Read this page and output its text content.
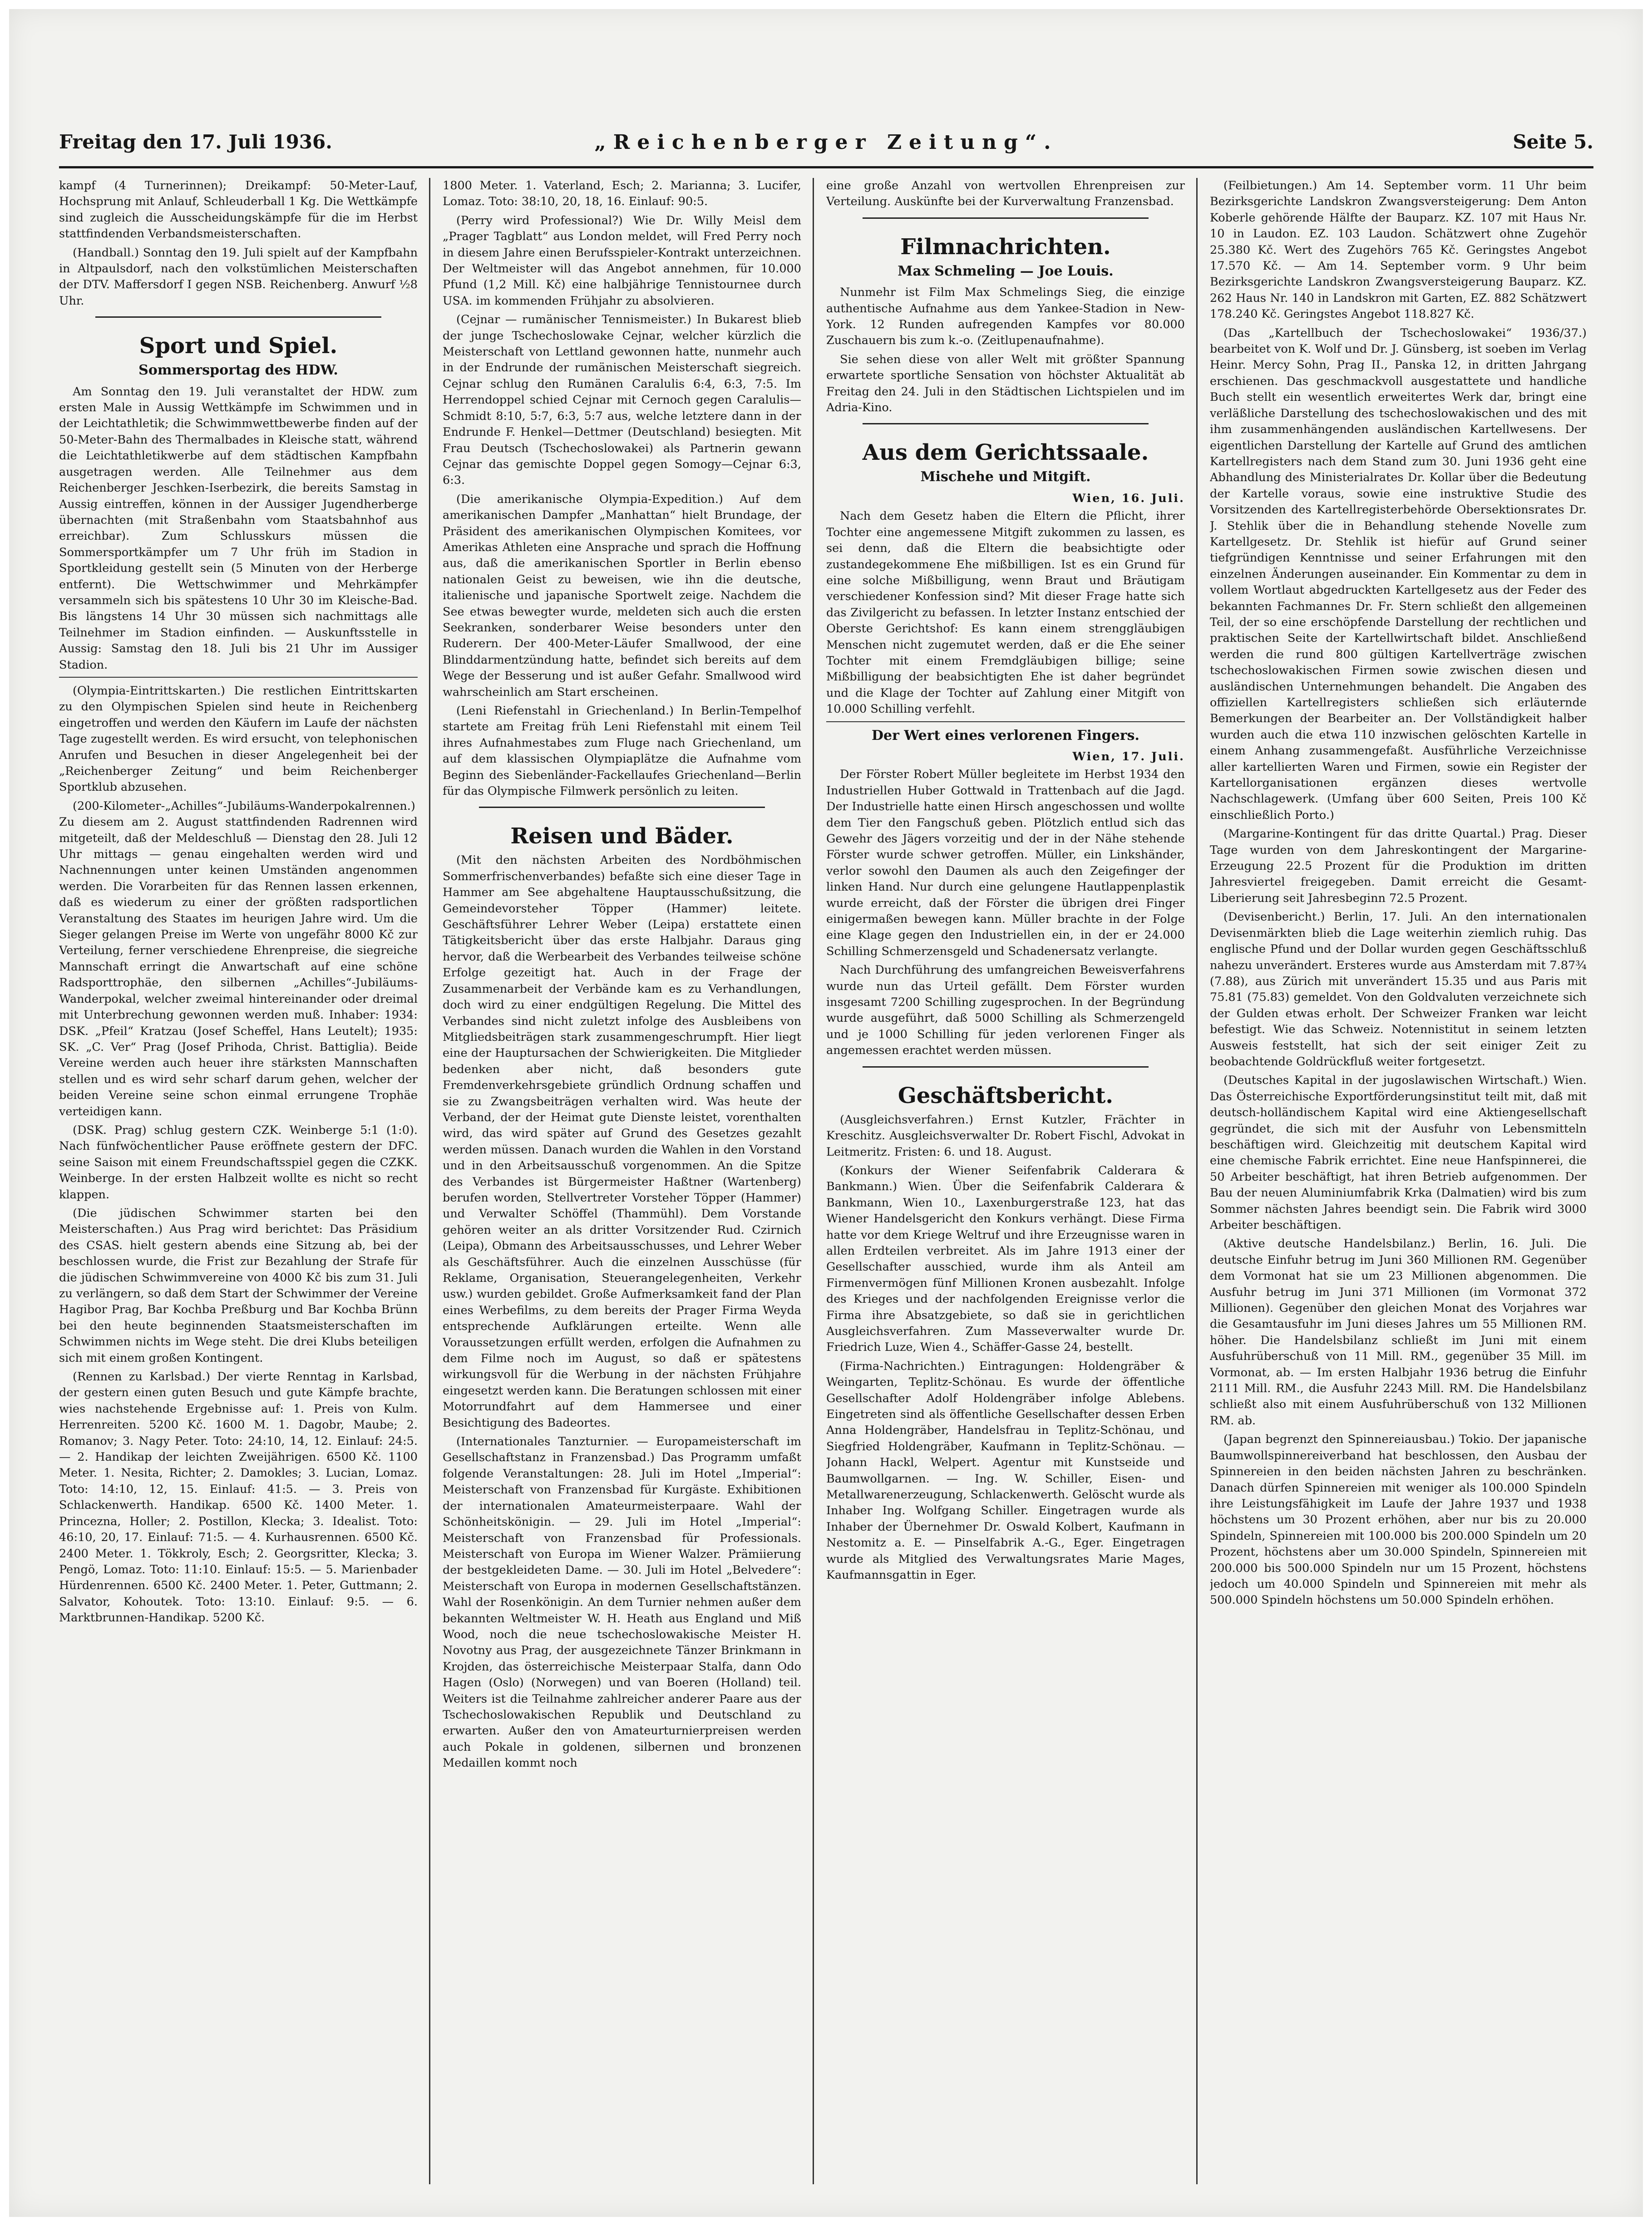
Freitag den 17. Juli 1936.	„Reichenberger Zeitung“.	Seite 5.

kampf (4 Turnerinnen); Dreikampf: 50-Meter-Lauf, Hochsprung mit Anlauf, Schleuderball 1 Kg. Die Wettkämpfe sind zugleich die Ausscheidungskämpfe für die im Herbst stattfindenden Verbandsmeisterschaften.

(Handball.) Sonntag den 19. Juli spielt auf der Kampfbahn in Altpaulsdorf, nach den volkstümlichen Meisterschaften der DTV. Maffersdorf I gegen NSB. Reichenberg. Anwurf ½8 Uhr.

Sport und Spiel.
Sommersportag des HDW.

Am Sonntag den 19. Juli veranstaltet der HDW. zum ersten Male in Aussig Wettkämpfe im Schwimmen und in der Leichtathletik; die Schwimmwettbewerbe finden auf der 50-Meter-Bahn des Thermalbades in Kleische statt, während die Leichtathletikwerbe auf dem städtischen Kampfbahn ausgetragen werden. Alle Teilnehmer aus dem Reichenberger Jeschken-Iserbezirk, die bereits Samstag in Aussig eintreffen, können in der Aussiger Jugendherberge übernachten (mit Straßenbahn vom Staatsbahnhof aus erreichbar). Zum Schlusskurs müssen die Sommersportkämpfer um 7 Uhr früh im Stadion in Sportkleidung gestellt sein (5 Minuten von der Herberge entfernt). Die Wettschwimmer und Mehrkämpfer versammeln sich bis spätestens 10 Uhr 30 im Kleische-Bad. Bis längstens 14 Uhr 30 müssen sich nachmittags alle Teilnehmer im Stadion einfinden. — Auskunftsstelle in Aussig: Samstag den 18. Juli bis 21 Uhr im Aussiger Stadion.

(Olympia-Eintrittskarten.) Die restlichen Eintrittskarten zu den Olympischen Spielen sind heute in Reichenberg eingetroffen und werden den Käufern im Laufe der nächsten Tage zugestellt werden. Es wird ersucht, von telephonischen Anrufen und Besuchen in dieser Angelegenheit bei der „Reichenberger Zeitung“ und beim Reichenberger Sportklub abzusehen.

(200-Kilometer-„Achilles“-Jubiläums-Wanderpokalrennen.) Zu diesem am 2. August stattfindenden Radrennen wird mitgeteilt, daß der Meldeschluß — Dienstag den 28. Juli 12 Uhr mittags — genau eingehalten werden wird und Nachnennungen unter keinen Umständen angenommen werden. Die Vorarbeiten für das Rennen lassen erkennen, daß es wiederum zu einer der größten radsportlichen Veranstaltung des Staates im heurigen Jahre wird. Um die Sieger gelangen Preise im Werte von ungefähr 8000 Kč zur Verteilung, ferner verschiedene Ehrenpreise, die siegreiche Mannschaft erringt die Anwartschaft auf eine schöne Radsporttrophäe, den silbernen „Achilles“-Jubiläums-Wanderpokal, welcher zweimal hintereinander oder dreimal mit Unterbrechung gewonnen werden muß. Inhaber: 1934: DSK. „Pfeil“ Kratzau (Josef Scheffel, Hans Leutelt); 1935: SK. „C. Ver“ Prag (Josef Prihoda, Christ. Battiglia). Beide Vereine werden auch heuer ihre stärksten Mannschaften stellen und es wird sehr scharf darum gehen, welcher der beiden Vereine seine schon einmal errungene Trophäe verteidigen kann.

(DSK. Prag) schlug gestern CZK. Weinberge 5:1 (1:0). Nach fünfwöchentlicher Pause eröffnete gestern der DFC. seine Saison mit einem Freundschaftsspiel gegen die CZKK. Weinberge. In der ersten Halbzeit wollte es nicht so recht klappen.

(Die jüdischen Schwimmer starten bei den Meisterschaften.) Aus Prag wird berichtet: Das Präsidium des CSAS. hielt gestern abends eine Sitzung ab, bei der beschlossen wurde, die Frist zur Bezahlung der Strafe für die jüdischen Schwimmvereine von 4000 Kč bis zum 31. Juli zu verlängern, so daß dem Start der Schwimmer der Vereine Hagibor Prag, Bar Kochba Preßburg und Bar Kochba Brünn bei den heute beginnenden Staatsmeisterschaften im Schwimmen nichts im Wege steht. Die drei Klubs beteiligen sich mit einem großen Kontingent.

(Rennen zu Karlsbad.) Der vierte Renntag in Karlsbad, der gestern einen guten Besuch und gute Kämpfe brachte, wies nachstehende Ergebnisse auf: 1. Preis von Kulm. Herrenreiten. 5200 Kč. 1600 M. 1. Dagobr, Maube; 2. Romanov; 3. Nagy Peter. Toto: 24:10, 14, 12. Einlauf: 24:5. — 2. Handikap der leichten Zweijährigen. 6500 Kč. 1100 Meter. 1. Nesita, Richter; 2. Damokles; 3. Lucian, Lomaz. Toto: 14:10, 12, 15. Einlauf: 41:5. — 3. Preis von Schlackenwerth. Handikap. 6500 Kč. 1400 Meter. 1. Princezna, Holler; 2. Postillon, Klecka; 3. Idealist. Toto: 46:10, 20, 17. Einlauf: 71:5. — 4. Kurhausrennen. 6500 Kč. 2400 Meter. 1. Tökkroly, Esch; 2. Georgsritter, Klecka; 3. Pengö, Lomaz. Toto: 11:10. Einlauf: 15:5. — 5. Marienbader Hürdenrennen. 6500 Kč. 2400 Meter. 1. Peter, Guttmann; 2. Salvator, Kohoutek. Toto: 13:10. Einlauf: 9:5. — 6. Marktbrunnen-Handikap. 5200 Kč.

1800 Meter. 1. Vaterland, Esch; 2. Marianna; 3. Lucifer, Lomaz. Toto: 38:10, 20, 18, 16. Einlauf: 90:5.

(Perry wird Professional?) Wie Dr. Willy Meisl dem „Prager Tagblatt“ aus London meldet, will Fred Perry noch in diesem Jahre einen Berufsspieler-Kontrakt unterzeichnen. Der Weltmeister will das Angebot annehmen, für 10.000 Pfund (1,2 Mill. Kč) eine halbjährige Tennistournee durch USA. im kommenden Frühjahr zu absolvieren.

(Cejnar — rumänischer Tennismeister.) In Bukarest blieb der junge Tschechoslowake Cejnar, welcher kürzlich die Meisterschaft von Lettland gewonnen hatte, nunmehr auch in der Endrunde der rumänischen Meisterschaft siegreich. Cejnar schlug den Rumänen Caralulis 6:4, 6:3, 7:5. Im Herrendoppel schied Cejnar mit Cernoch gegen Caralulis—Schmidt 8:10, 5:7, 6:3, 5:7 aus, welche letztere dann in der Endrunde F. Henkel—Dettmer (Deutschland) besiegten. Mit Frau Deutsch (Tschechoslowakei) als Partnerin gewann Cejnar das gemischte Doppel gegen Somogy—Cejnar 6:3, 6:3.

(Die amerikanische Olympia-Expedition.) Auf dem amerikanischen Dampfer „Manhattan“ hielt Brundage, der Präsident des amerikanischen Olympischen Komitees, vor Amerikas Athleten eine Ansprache und sprach die Hoffnung aus, daß die amerikanischen Sportler in Berlin ebenso nationalen Geist zu beweisen, wie ihn die deutsche, italienische und japanische Sportwelt zeige. Nachdem die See etwas bewegter wurde, meldeten sich auch die ersten Seekranken, sonderbarer Weise besonders unter den Ruderern. Der 400-Meter-Läufer Smallwood, der eine Blinddarmentzündung hatte, befindet sich bereits auf dem Wege der Besserung und ist außer Gefahr. Smallwood wird wahrscheinlich am Start erscheinen.

(Leni Riefenstahl in Griechenland.) In Berlin-Tempelhof startete am Freitag früh Leni Riefenstahl mit einem Teil ihres Aufnahmestabes zum Fluge nach Griechenland, um auf dem klassischen Olympiaplätze die Aufnahme vom Beginn des Siebenländer-Fackellaufes Griechenland—Berlin für das Olympische Filmwerk persönlich zu leiten.

Reisen und Bäder.

(Mit den nächsten Arbeiten des Nordböhmischen Sommerfrischenverbandes) befaßte sich eine dieser Tage in Hammer am See abgehaltene Hauptausschußsitzung, die Gemeindevorsteher Töpper (Hammer) leitete. Geschäftsführer Lehrer Weber (Leipa) erstattete einen Tätigkeitsbericht über das erste Halbjahr. Daraus ging hervor, daß die Werbearbeit des Verbandes teilweise schöne Erfolge gezeitigt hat. Auch in der Frage der Zusammenarbeit der Verbände kam es zu Verhandlungen, doch wird zu einer endgültigen Regelung. Die Mittel des Verbandes sind nicht zuletzt infolge des Ausbleibens von Mitgliedsbeiträgen stark zusammengeschrumpft. Hier liegt eine der Hauptursachen der Schwierigkeiten. Die Mitglieder bedenken aber nicht, daß besonders gute Fremdenverkehrsgebiete gründlich Ordnung schaffen und sie zu Zwangsbeiträgen verhalten wird. Was heute der Verband, der der Heimat gute Dienste leistet, vorenthalten wird, das wird später auf Grund des Gesetzes gezahlt werden müssen. Danach wurden die Wahlen in den Vorstand und in den Arbeitsausschuß vorgenommen. An die Spitze des Verbandes ist Bürgermeister Haßtner (Wartenberg) berufen worden, Stellvertreter Vorsteher Töpper (Hammer) und Verwalter Schöffel (Thammühl). Dem Vorstande gehören weiter an als dritter Vorsitzender Rud. Czirnich (Leipa), Obmann des Arbeitsausschusses, und Lehrer Weber als Geschäftsführer. Auch die einzelnen Ausschüsse (für Reklame, Organisation, Steuerangelegenheiten, Verkehr usw.) wurden gebildet. Große Aufmerksamkeit fand der Plan eines Werbefilms, zu dem bereits der Prager Firma Weyda entsprechende Aufklärungen erteilte. Wenn alle Voraussetzungen erfüllt werden, erfolgen die Aufnahmen zu dem Filme noch im August, so daß er spätestens wirkungsvoll für die Werbung in der nächsten Frühjahre eingesetzt werden kann. Die Beratungen schlossen mit einer Motorrundfahrt auf dem Hammersee und einer Besichtigung des Badeortes.

(Internationales Tanzturnier. — Europameisterschaft im Gesellschaftstanz in Franzensbad.) Das Programm umfaßt folgende Veranstaltungen: 28. Juli im Hotel „Imperial“: Meisterschaft von Franzensbad für Kurgäste. Exhibitionen der internationalen Amateurmeisterpaare. Wahl der Schönheitskönigin. — 29. Juli im Hotel „Imperial“: Meisterschaft von Franzensbad für Professionals. Meisterschaft von Europa im Wiener Walzer. Prämiierung der bestgekleideten Dame. — 30. Juli im Hotel „Belvedere“: Meisterschaft von Europa in modernen Gesellschaftstänzen. Wahl der Rosenkönigin. An dem Turnier nehmen außer dem bekannten Weltmeister W. H. Heath aus England und Miß Wood, noch die neue tschechoslowakische Meister H. Novotny aus Prag, der ausgezeichnete Tänzer Brinkmann in Krojden, das österreichische Meisterpaar Stalfa, dann Odo Hagen (Oslo) (Norwegen) und van Boeren (Holland) teil. Weiters ist die Teilnahme zahlreicher anderer Paare aus der Tschechoslowakischen Republik und Deutschland zu erwarten. Außer den von Amateurturnierpreisen werden auch Pokale in goldenen, silbernen und bronzenen Medaillen kommt noch

eine große Anzahl von wertvollen Ehrenpreisen zur Verteilung. Auskünfte bei der Kurverwaltung Franzensbad.

Filmnachrichten.
Max Schmeling — Joe Louis.

Nunmehr ist Film Max Schmelings Sieg, die einzige authentische Aufnahme aus dem Yankee-Stadion in New-York. 12 Runden aufregenden Kampfes vor 80.000 Zuschauern bis zum k.-o. (Zeitlupenaufnahme).

Sie sehen diese von aller Welt mit größter Spannung erwartete sportliche Sensation von höchster Aktualität ab Freitag den 24. Juli in den Städtischen Lichtspielen und im Adria-Kino.

Aus dem Gerichtssaale.
Mischehe und Mitgift.
Wien, 16. Juli.

Nach dem Gesetz haben die Eltern die Pflicht, ihrer Tochter eine angemessene Mitgift zukommen zu lassen, es sei denn, daß die Eltern die beabsichtigte oder zustandegekommene Ehe mißbilligen. Ist es ein Grund für eine solche Mißbilligung, wenn Braut und Bräutigam verschiedener Konfession sind? Mit dieser Frage hatte sich das Zivilgericht zu befassen. In letzter Instanz entschied der Oberste Gerichtshof: Es kann einem strenggläubigen Menschen nicht zugemutet werden, daß er die Ehe seiner Tochter mit einem Fremdgläubigen billige; seine Mißbilligung der beabsichtigten Ehe ist daher begründet und die Klage der Tochter auf Zahlung einer Mitgift von 10.000 Schilling verfehlt.

Der Wert eines verlorenen Fingers.
Wien, 17. Juli.

Der Förster Robert Müller begleitete im Herbst 1934 den Industriellen Huber Gottwald in Trattenbach auf die Jagd. Der Industrielle hatte einen Hirsch angeschossen und wollte dem Tier den Fangschuß geben. Plötzlich entlud sich das Gewehr des Jägers vorzeitig und der in der Nähe stehende Förster wurde schwer getroffen. Müller, ein Linkshänder, verlor sowohl den Daumen als auch den Zeigefinger der linken Hand. Nur durch eine gelungene Hautlappenplastik wurde erreicht, daß der Förster die übrigen drei Finger einigermaßen bewegen kann. Müller brachte in der Folge eine Klage gegen den Industriellen ein, in der er 24.000 Schilling Schmerzensgeld und Schadenersatz verlangte.

Nach Durchführung des umfangreichen Beweisverfahrens wurde nun das Urteil gefällt. Dem Förster wurden insgesamt 7200 Schilling zugesprochen. In der Begründung wurde ausgeführt, daß 5000 Schilling als Schmerzengeld und je 1000 Schilling für jeden verlorenen Finger als angemessen erachtet werden müssen.

Geschäftsbericht.

(Ausgleichsverfahren.) Ernst Kutzler, Frächter in Kreschitz. Ausgleichsverwalter Dr. Robert Fischl, Advokat in Leitmeritz. Fristen: 6. und 18. August.

(Konkurs der Wiener Seifenfabrik Calderara & Bankmann.) Wien. Über die Seifenfabrik Calderara & Bankmann, Wien 10., Laxenburgerstraße 123, hat das Wiener Handelsgericht den Konkurs verhängt. Diese Firma hatte vor dem Kriege Weltruf und ihre Erzeugnisse waren in allen Erdteilen verbreitet. Als im Jahre 1913 einer der Gesellschafter ausschied, wurde ihm als Anteil am Firmenvermögen fünf Millionen Kronen ausbezahlt. Infolge des Krieges und der nachfolgenden Ereignisse verlor die Firma ihre Absatzgebiete, so daß sie in gerichtlichen Ausgleichsverfahren. Zum Masseverwalter wurde Dr. Friedrich Luze, Wien 4., Schäffer-Gasse 24, bestellt.

(Firma-Nachrichten.) Eintragungen: Holdengräber & Weingarten, Teplitz-Schönau. Es wurde der öffentliche Gesellschafter Adolf Holdengräber infolge Ablebens. Eingetreten sind als öffentliche Gesellschafter dessen Erben Anna Holdengräber, Handelsfrau in Teplitz-Schönau, und Siegfried Holdengräber, Kaufmann in Teplitz-Schönau. — Johann Hackl, Welpert. Agentur mit Kunstseide und Baumwollgarnen. — Ing. W. Schiller, Eisen- und Metallwarenerzeugung, Schlackenwerth. Gelöscht wurde als Inhaber Ing. Wolfgang Schiller. Eingetragen wurde als Inhaber der Übernehmer Dr. Oswald Kolbert, Kaufmann in Nestomitz a. E. — Pinselfabrik A.-G., Eger. Eingetragen wurde als Mitglied des Verwaltungsrates Marie Mages, Kaufmannsgattin in Eger.

(Feilbietungen.) Am 14. September vorm. 11 Uhr beim Bezirksgerichte Landskron Zwangsversteigerung: Dem Anton Koberle gehörende Hälfte der Bauparz. KZ. 107 mit Haus Nr. 10 in Laudon. EZ. 103 Laudon. Schätzwert ohne Zugehör 25.380 Kč. Wert des Zugehörs 765 Kč. Geringstes Angebot 17.570 Kč. — Am 14. September vorm. 9 Uhr beim Bezirksgerichte Landskron Zwangsversteigerung Bauparz. KZ. 262 Haus Nr. 140 in Landskron mit Garten, EZ. 882 Schätzwert 178.240 Kč. Geringstes Angebot 118.827 Kč.

(Das „Kartellbuch der Tschechoslowakei“ 1936/37.) bearbeitet von K. Wolf und Dr. J. Günsberg, ist soeben im Verlag Heinr. Mercy Sohn, Prag II., Panska 12, in dritten Jahrgang erschienen. Das geschmackvoll ausgestattete und handliche Buch stellt ein wesentlich erweitertes Werk dar, bringt eine verläßliche Darstellung des tschechoslowakischen und des mit ihm zusammenhängenden ausländischen Kartellwesens. Der eigentlichen Darstellung der Kartelle auf Grund des amtlichen Kartellregisters nach dem Stand zum 30. Juni 1936 geht eine Abhandlung des Ministerialrates Dr. Kollar über die Bedeutung der Kartelle voraus, sowie eine instruktive Studie des Vorsitzenden des Kartellregisterbehörde Obersektionsrates Dr. J. Stehlik über die in Behandlung stehende Novelle zum Kartellgesetz. Dr. Stehlik ist hiefür auf Grund seiner tiefgründigen Kenntnisse und seiner Erfahrungen mit den einzelnen Änderungen auseinander. Ein Kommentar zu dem in vollem Wortlaut abgedruckten Kartellgesetz aus der Feder des bekannten Fachmannes Dr. Fr. Stern schließt den allgemeinen Teil, der so eine erschöpfende Darstellung der rechtlichen und praktischen Seite der Kartellwirtschaft bildet. Anschließend werden die rund 800 gültigen Kartellverträge zwischen tschechoslowakischen Firmen sowie zwischen diesen und ausländischen Unternehmungen behandelt. Die Angaben des offiziellen Kartellregisters schließen sich erläuternde Bemerkungen der Bearbeiter an. Der Vollständigkeit halber wurden auch die etwa 110 inzwischen gelöschten Kartelle in einem Anhang zusammengefaßt. Ausführliche Verzeichnisse aller kartellierten Waren und Firmen, sowie ein Register der Kartellorganisationen ergänzen dieses wertvolle Nachschlagewerk. (Umfang über 600 Seiten, Preis 100 Kč einschließlich Porto.)

(Margarine-Kontingent für das dritte Quartal.) Prag. Dieser Tage wurden von dem Jahreskontingent der Margarine-Erzeugung 22.5 Prozent für die Produktion im dritten Jahresviertel freigegeben. Damit erreicht die Gesamt-Liberierung seit Jahresbeginn 72.5 Prozent.

(Devisenbericht.) Berlin, 17. Juli. An den internationalen Devisenmärkten blieb die Lage weiterhin ziemlich ruhig. Das englische Pfund und der Dollar wurden gegen Geschäftsschluß nahezu unverändert. Ersteres wurde aus Amsterdam mit 7.87¾ (7.88), aus Zürich mit unverändert 15.35 und aus Paris mit 75.81 (75.83) gemeldet. Von den Goldvaluten verzeichnete sich der Gulden etwas erholt. Der Schweizer Franken war leicht befestigt. Wie das Schweiz. Notennistitut in seinem letzten Ausweis feststellt, hat sich der seit einiger Zeit zu beobachtende Goldrückfluß weiter fortgesetzt.

(Deutsches Kapital in der jugoslawischen Wirtschaft.) Wien. Das Österreichische Exportförderungsinstitut teilt mit, daß mit deutsch-holländischem Kapital wird eine Aktiengesellschaft gegründet, die sich mit der Ausfuhr von Lebensmitteln beschäftigen wird. Gleichzeitig mit deutschem Kapital wird eine chemische Fabrik errichtet. Eine neue Hanfspinnerei, die 50 Arbeiter beschäftigt, hat ihren Betrieb aufgenommen. Der Bau der neuen Aluminiumfabrik Krka (Dalmatien) wird bis zum Sommer nächsten Jahres beendigt sein. Die Fabrik wird 3000 Arbeiter beschäftigen.

(Aktive deutsche Handelsbilanz.) Berlin, 16. Juli. Die deutsche Einfuhr betrug im Juni 360 Millionen RM. Gegenüber dem Vormonat hat sie um 23 Millionen abgenommen. Die Ausfuhr betrug im Juni 371 Millionen (im Vormonat 372 Millionen). Gegenüber den gleichen Monat des Vorjahres war die Gesamtausfuhr im Juni dieses Jahres um 55 Millionen RM. höher. Die Handelsbilanz schließt im Juni mit einem Ausfuhrüberschuß von 11 Mill. RM., gegenüber 35 Mill. im Vormonat, ab. — Im ersten Halbjahr 1936 betrug die Einfuhr 2111 Mill. RM., die Ausfuhr 2243 Mill. RM. Die Handelsbilanz schließt also mit einem Ausfuhrüberschuß von 132 Millionen RM. ab.

(Japan begrenzt den Spinnereiausbau.) Tokio. Der japanische Baumwollspinnereiverband hat beschlossen, den Ausbau der Spinnereien in den beiden nächsten Jahren zu beschränken. Danach dürfen Spinnereien mit weniger als 100.000 Spindeln ihre Leistungsfähigkeit im Laufe der Jahre 1937 und 1938 höchstens um 30 Prozent erhöhen, aber nur bis zu 20.000 Spindeln, Spinnereien mit 100.000 bis 200.000 Spindeln um 20 Prozent, höchstens aber um 30.000 Spindeln, Spinnereien mit 200.000 bis 500.000 Spindeln nur um 15 Prozent, höchstens jedoch um 40.000 Spindeln und Spinnereien mit mehr als 500.000 Spindeln höchstens um 50.000 Spindeln erhöhen.
